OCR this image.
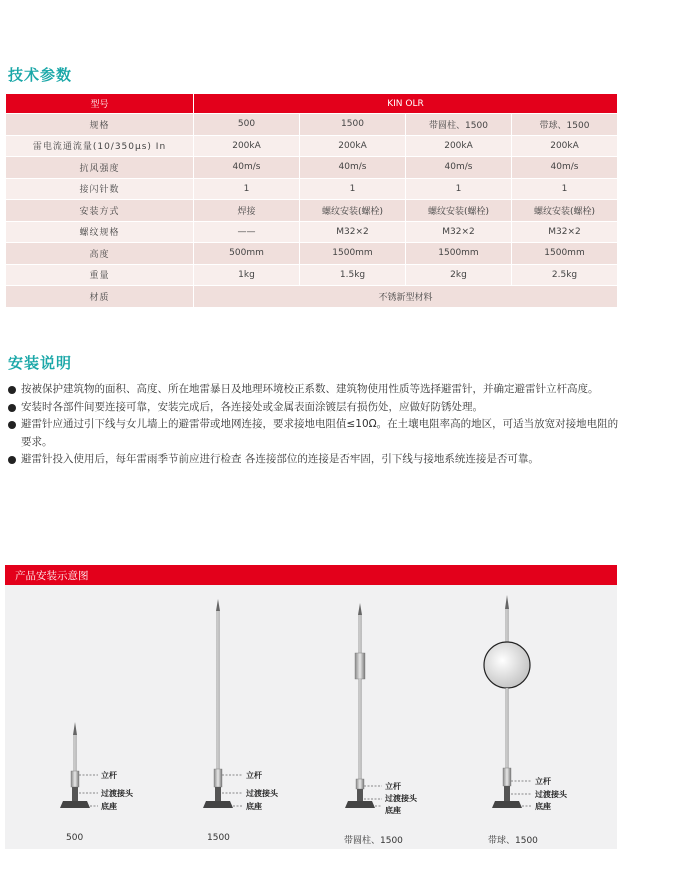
技术参数
型号	KIN OLR			
规格	500	1500	带圆柱、1500	带球、1500
雷电流通流量(10/350μs) In	200kA	200kA	200kA	200kA
抗风强度	40m/s	40m/s	40m/s	40m/s
接闪针数	1	1	1	1
安装方式	焊接	螺纹安装(螺栓)	螺纹安装(螺栓)	螺纹安装(螺栓)
螺纹规格	——	M32×2	M32×2	M32×2
高度	500mm	1500mm	1500mm	1500mm
重量	1kg	1.5kg	2kg	2.5kg
材质	不锈新型材料			
安装说明
按被保护建筑物的面积、高度、所在地雷暴日及地理环境校正系数、建筑物使用性质等选择避雷针，并确定避雷针立杆高度。
安装时各部件间要连接可靠，安装完成后，各连接处或金属表面涂镀层有损伤处，应做好防锈处理。
避雷针应通过引下线与女儿墙上的避雷带或地网连接，要求接地电阻值≤10Ω。在土壤电阻率高的地区，可适当放宽对接地电阻的要求。
避雷针投入使用后，每年雷雨季节前应进行检查 各连接部位的连接是否牢固，引下线与接地系统连接是否可靠。
产品安装示意图
立杆
过渡接头
底座
立杆
过渡接头
底座
立杆
过渡接头
底座
立杆
过渡接头
底座
500	1500	带圆柱、1500	带球、1500
